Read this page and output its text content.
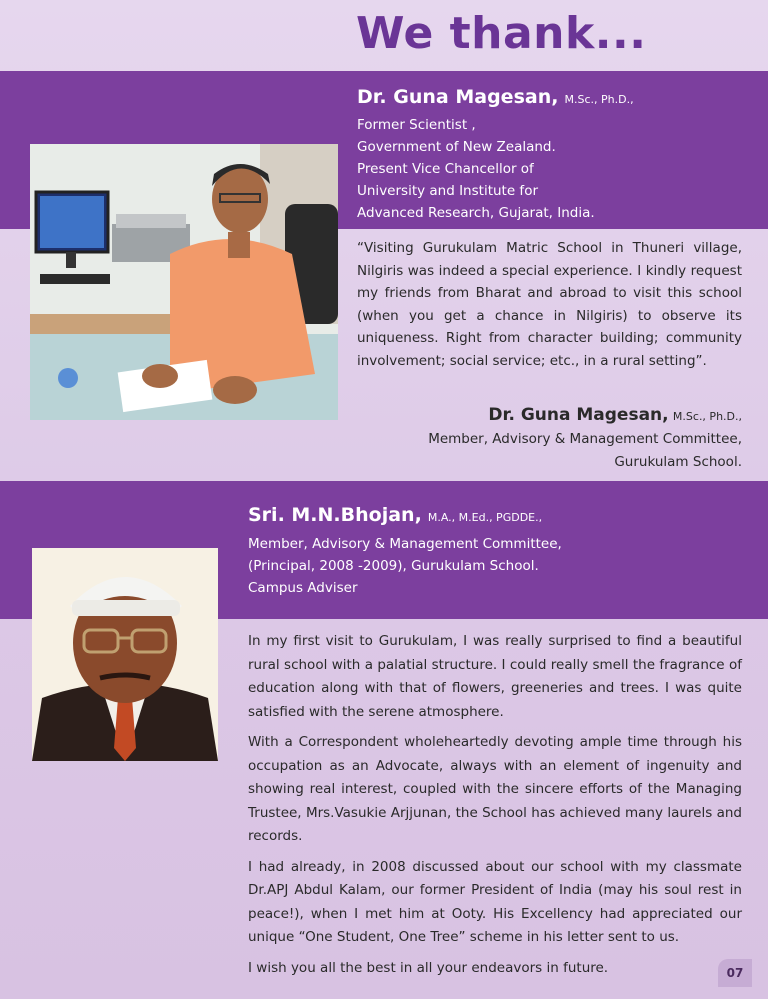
We thank...
Dr. Guna Magesan, M.Sc., Ph.D.,
Former Scientist ,
Government of New Zealand.
Present Vice Chancellor of
University and Institute for
Advanced Research, Gujarat, India.
“Visiting Gurukulam Matric School in Thuneri village, Nilgiris was indeed a special experience. I kindly request my friends from Bharat and abroad to visit this school (when you get a chance in Nilgiris) to observe its uniqueness. Right from character building; community involvement; social service; etc., in a rural setting”.
Dr. Guna Magesan, M.Sc., Ph.D.,
Member, Advisory & Management Committee,
Gurukulam School.
Sri. M.N.Bhojan, M.A., M.Ed., PGDDE.,
Member, Advisory & Management Committee,
(Principal, 2008 -2009), Gurukulam School.
Campus Adviser

In my first visit to Gurukulam, I was really surprised to find a beautiful rural school with a palatial structure. I could really smell the fragrance of education along with that of flowers, greeneries and trees. I was quite satisfied with the serene atmosphere.

With a Correspondent wholeheartedly devoting ample time through his occupation as an Advocate, always with an element of ingenuity and showing real interest, coupled with the sincere efforts of the Managing Trustee, Mrs.Vasukie Arjjunan, the School has achieved many laurels and records.

I had already, in 2008 discussed about our school with my classmate Dr.APJ Abdul Kalam, our former President of India (may his soul rest in peace!), when I met him at Ooty. His Excellency had appreciated our unique “One Student, One Tree” scheme in his letter sent to us.

I wish you all the best in all your endeavors in future.	07
